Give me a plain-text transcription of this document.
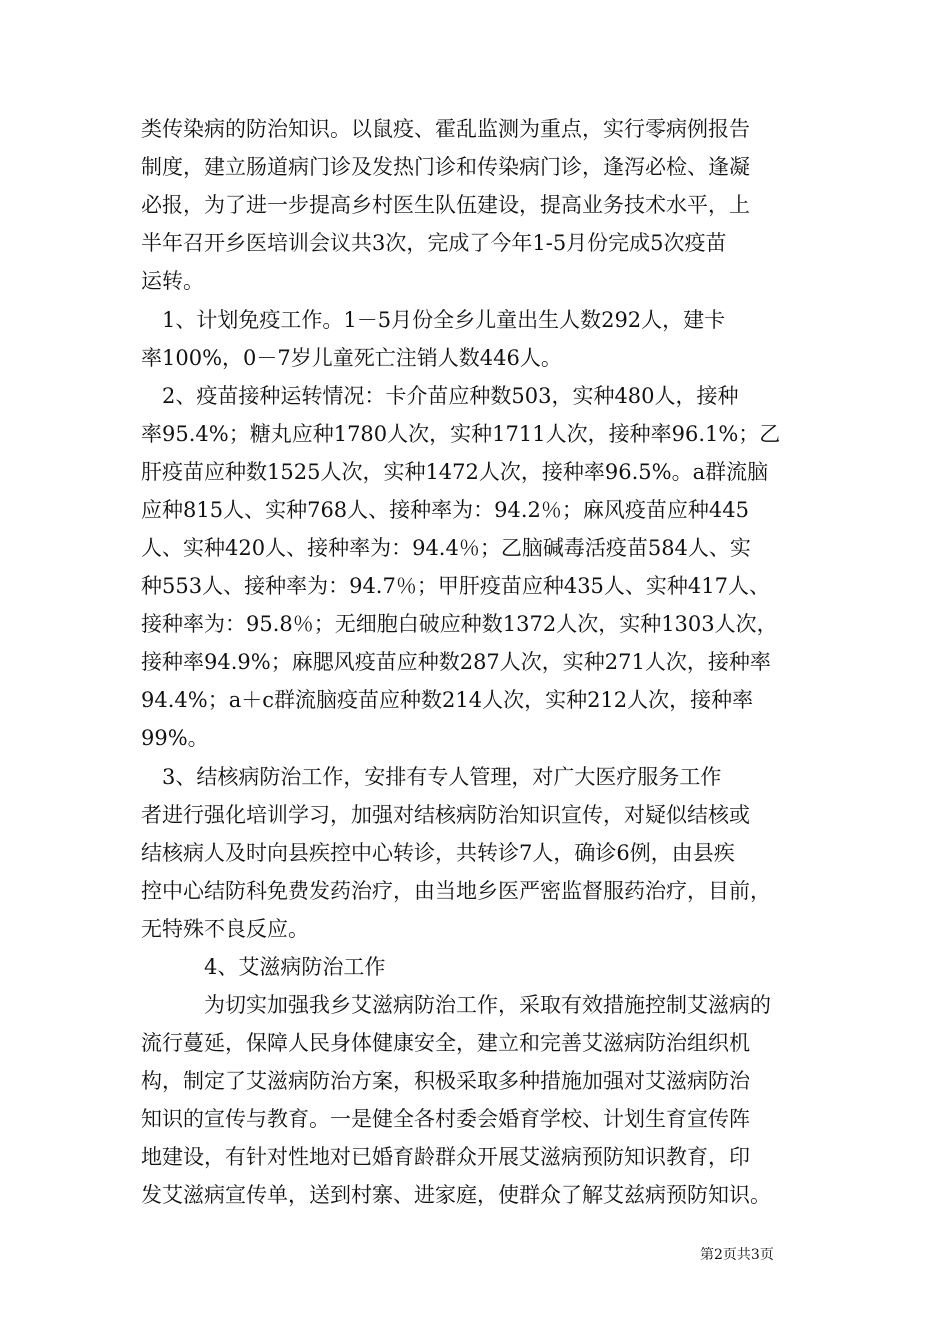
类传染病的防治知识。以鼠疫、霍乱监测为重点，实行零病例报告
制度，建立肠道病门诊及发热门诊和传染病门诊，逢泻必检、逢凝
必报，为了进一步提高乡村医生队伍建设，提高业务技术水平，上
半年召开乡医培训会议共3次，完成了今年1-5月份完成5次疫苗
运转。
　1、计划免疫工作。1－5月份全乡儿童出生人数292人，建卡
率100%，0－7岁儿童死亡注销人数446人。
　2、疫苗接种运转情况：卡介苗应种数503，实种480人，接种
率95.4%；糖丸应种1780人次，实种1711人次，接种率96.1%；乙
肝疫苗应种数1525人次，实种1472人次，接种率96.5%。a群流脑
应种815人、实种768人、接种率为：94.2％；麻风疫苗应种445
人、实种420人、接种率为：94.4％；乙脑碱毒活疫苗584人、实
种553人、接种率为：94.7％；甲肝疫苗应种435人、实种417人、
接种率为：95.8％；无细胞白破应种数1372人次，实种1303人次，
接种率94.9%；麻腮风疫苗应种数287人次，实种271人次，接种率
94.4%；a＋c群流脑疫苗应种数214人次，实种212人次，接种率
99%。
　3、结核病防治工作，安排有专人管理，对广大医疗服务工作
者进行强化培训学习，加强对结核病防治知识宣传，对疑似结核或
结核病人及时向县疾控中心转诊，共转诊7人，确诊6例，由县疾
控中心结防科免费发药治疗，由当地乡医严密监督服药治疗，目前，
无特殊不良反应。
4、艾滋病防治工作
为切实加强我乡艾滋病防治工作，采取有效措施控制艾滋病的
流行蔓延，保障人民身体健康安全，建立和完善艾滋病防治组织机
构，制定了艾滋病防治方案，积极采取多种措施加强对艾滋病防治
知识的宣传与教育。一是健全各村委会婚育学校、计划生育宣传阵
地建设，有针对性地对已婚育龄群众开展艾滋病预防知识教育，印
发艾滋病宣传单，送到村寨、进家庭，使群众了解艾兹病预防知识。
第2页共3页
